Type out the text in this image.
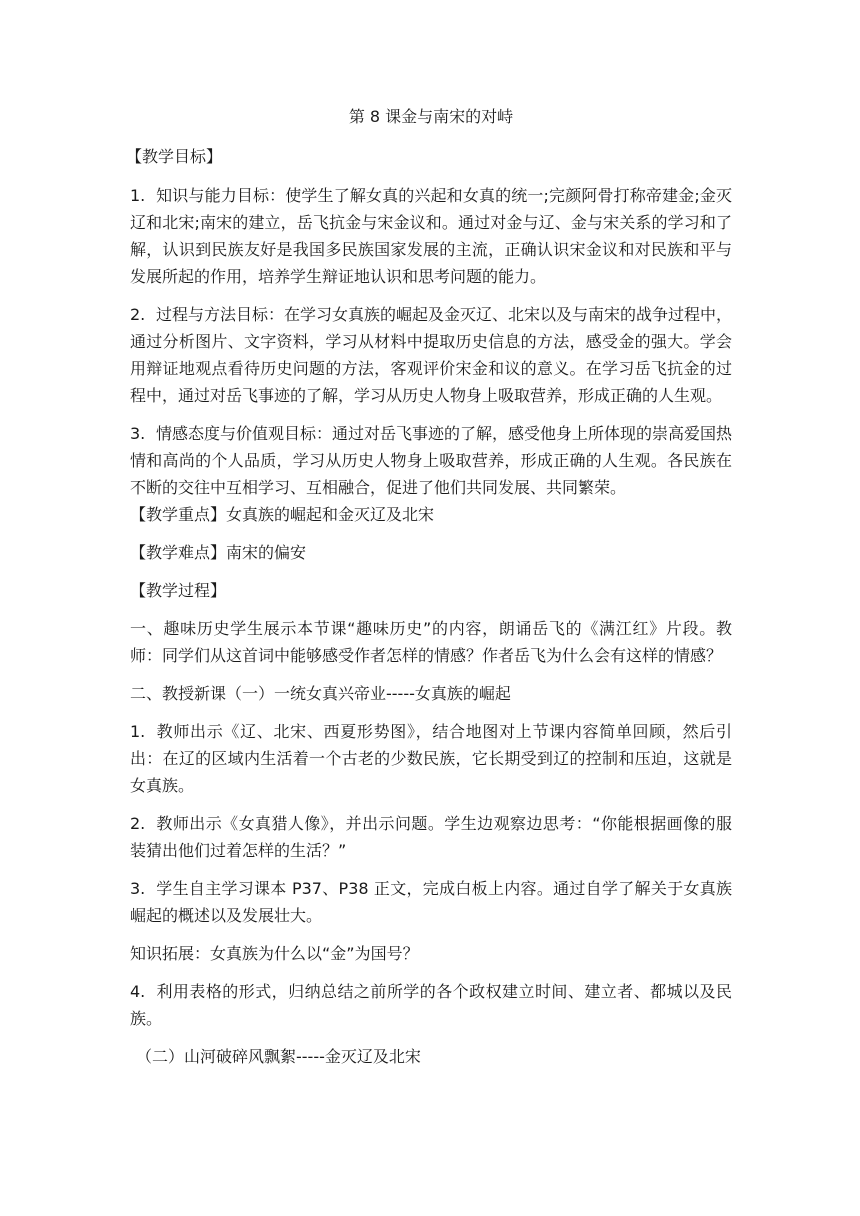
第 8 课金与南宋的对峙
【教学目标】
1. 知识与能力目标：使学生了解女真的兴起和女真的统一;完颜阿骨打称帝建金;金灭辽和北宋;南宋的建立，岳飞抗金与宋金议和。通过对金与辽、金与宋关系的学习和了解，认识到民族友好是我国多民族国家发展的主流，正确认识宋金议和对民族和平与发展所起的作用，培养学生辩证地认识和思考问题的能力。
2. 过程与方法目标：在学习女真族的崛起及金灭辽、北宋以及与南宋的战争过程中，通过分析图片、文字资料，学习从材料中提取历史信息的方法，感受金的强大。学会用辩证地观点看待历史问题的方法，客观评价宋金和议的意义。在学习岳飞抗金的过程中，通过对岳飞事迹的了解，学习从历史人物身上吸取营养，形成正确的人生观。
3. 情感态度与价值观目标：通过对岳飞事迹的了解，感受他身上所体现的崇高爱国热情和高尚的个人品质，学习从历史人物身上吸取营养，形成正确的人生观。各民族在不断的交往中互相学习、互相融合，促进了他们共同发展、共同繁荣。
【教学重点】女真族的崛起和金灭辽及北宋
【教学难点】南宋的偏安
【教学过程】
一、趣味历史学生展示本节课“趣味历史”的内容，朗诵岳飞的《满江红》片段。教师：同学们从这首词中能够感受作者怎样的情感？作者岳飞为什么会有这样的情感？
二、教授新课（一）一统女真兴帝业-----女真族的崛起
1. 教师出示《辽、北宋、西夏形势图》，结合地图对上节课内容简单回顾，然后引出：在辽的区域内生活着一个古老的少数民族，它长期受到辽的控制和压迫，这就是女真族。
2. 教师出示《女真猎人像》，并出示问题。学生边观察边思考：“你能根据画像的服装猜出他们过着怎样的生活？”
3. 学生自主学习课本 P37、P38 正文，完成白板上内容。通过自学了解关于女真族崛起的概述以及发展壮大。
知识拓展：女真族为什么以“金”为国号？
4. 利用表格的形式，归纳总结之前所学的各个政权建立时间、建立者、都城以及民族。
（二）山河破碎风飘絮-----金灭辽及北宋
